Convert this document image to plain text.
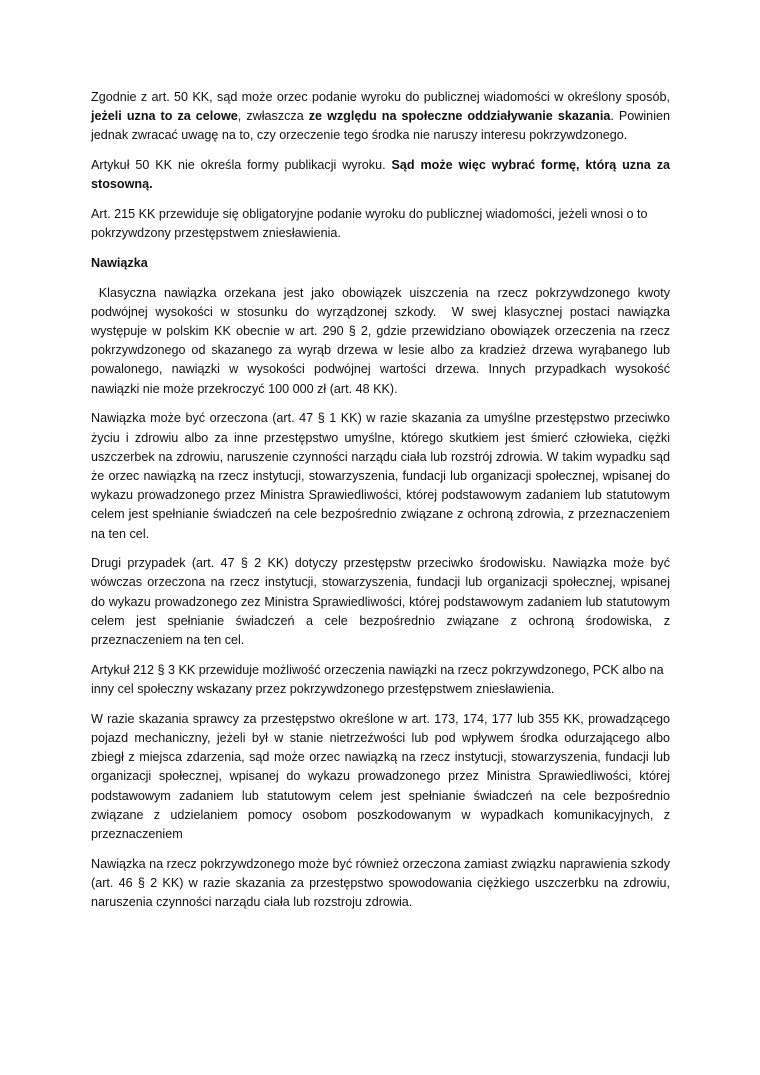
Zgodnie z art. 50 KK, sąd może orzec podanie wyroku do publicznej wiadomości w określony sposób, jeżeli uzna to za celowe, zwłaszcza ze względu na społeczne oddziaływanie skazania. Powinien jednak zwracać uwagę na to, czy orzeczenie tego środka nie naruszy interesu pokrzywdzonego.

Artykuł 50 KK nie określa formy publikacji wyroku. Sąd może więc wybrać formę, którą uzna za stosowną.

Art. 215 KK przewiduje się obligatoryjne podanie wyroku do publicznej wiadomości, jeżeli wnosi o to pokrzywdzony przestępstwem zniesławienia.

Nawiązka

Klasyczna nawiązka orzekana jest jako obowiązek uiszczenia na rzecz pokrzywdzonego kwoty podwójnej wysokości w stosunku do wyrządzonej szkody.  W swej klasycznej postaci nawiązka występuje w polskim KK obecnie w art. 290 § 2, gdzie przewidziano obowiązek orzeczenia na rzecz pokrzywdzonego od skazanego za wyrąb drzewa w lesie albo za kradzież drzewa wyrąbanego lub powalonego, nawiązki w wysokości podwójnej wartości drzewa. Innych przypadkach wysokość nawiązki nie może przekroczyć 100 000 zł (art. 48 KK).

Nawiązka może być orzeczona (art. 47 § 1 KK) w razie skazania za umyślne przestępstwo przeciwko życiu i zdrowiu albo za inne przestępstwo umyślne, którego skutkiem jest śmierć człowieka, ciężki uszczerbek na zdrowiu, naruszenie czynności narządu ciała lub rozstrój zdrowia. W takim wypadku sąd że orzec nawiązką na rzecz instytucji, stowarzyszenia, fundacji lub organizacji społecznej, wpisanej do wykazu prowadzonego przez Ministra Sprawiedliwości, której podstawowym zadaniem lub statutowym celem jest spełnianie świadczeń na cele bezpośrednio związane z ochroną zdrowia, z przeznaczeniem na ten cel.

Drugi przypadek (art. 47 § 2 KK) dotyczy przestępstw przeciwko środowisku. Nawiązka może być wówczas orzeczona na rzecz instytucji, stowarzyszenia, fundacji lub organizacji społecznej, wpisanej do wykazu prowadzonego zez Ministra Sprawiedliwości, której podstawowym zadaniem lub statutowym celem jest spełnianie świadczeń a cele bezpośrednio związane z ochroną środowiska, z przeznaczeniem na ten cel.

Artykuł 212 § 3 KK przewiduje możliwość orzeczenia nawiązki na rzecz pokrzywdzonego, PCK albo na inny cel społeczny wskazany przez pokrzywdzonego przestępstwem zniesławienia.

W razie skazania sprawcy za przestępstwo określone w art. 173, 174, 177 lub 355 KK, prowadzącego pojazd mechaniczny, jeżeli był w stanie nietrzeźwości lub pod wpływem środka odurzającego albo zbiegł z miejsca zdarzenia, sąd może orzec nawiązką na rzecz instytucji, stowarzyszenia, fundacji lub organizacji społecznej, wpisanej do wykazu prowadzonego przez Ministra Sprawiedliwości, której podstawowym zadaniem lub statutowym celem jest spełnianie świadczeń na cele bezpośrednio związane z udzielaniem pomocy osobom poszkodowanym w wypadkach komunikacyjnych, z przeznaczeniem

Nawiązka na rzecz pokrzywdzonego może być również orzeczona zamiast związku naprawienia szkody (art. 46 § 2 KK) w razie skazania za przestępstwo spowodowania ciężkiego uszczerbku na zdrowiu, naruszenia czynności narządu ciała lub rozstroju zdrowia.
